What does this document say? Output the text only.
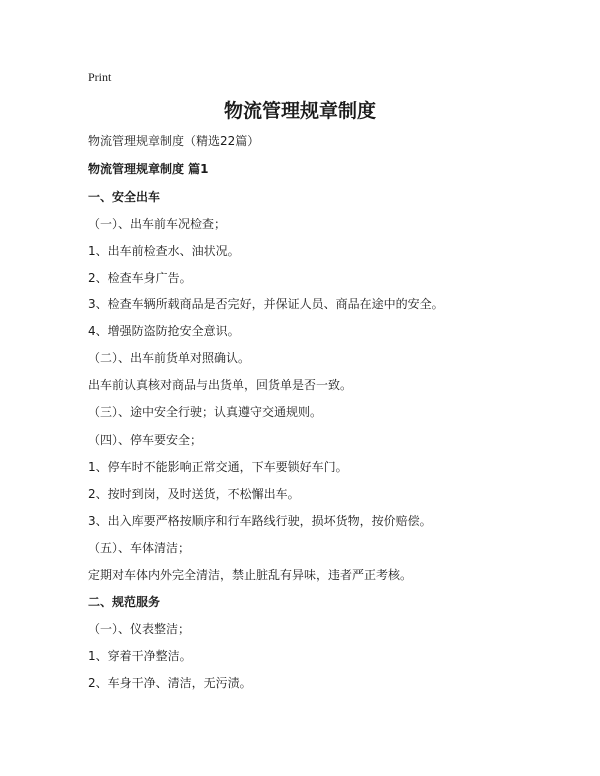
Print
物流管理规章制度

物流管理规章制度（精选22篇）

物流管理规章制度 篇1

一、安全出车

（一）、出车前车况检查；

1、出车前检查水、油状况。

2、检查车身广告。

3、检查车辆所载商品是否完好，并保证人员、商品在途中的安全。

4、增强防盗防抢安全意识。

（二）、出车前货单对照确认。

出车前认真核对商品与出货单，回货单是否一致。

（三）、途中安全行驶；认真遵守交通规则。

（四）、停车要安全；

1、停车时不能影响正常交通，下车要锁好车门。

2、按时到岗，及时送货，不松懈出车。

3、出入库要严格按顺序和行车路线行驶，损坏货物，按价赔偿。

（五）、车体清洁；

定期对车体内外完全清洁，禁止脏乱有异味，违者严正考核。

二、规范服务

（一）、仪表整洁；

1、穿着干净整洁。

2、车身干净、清洁，无污渍。
